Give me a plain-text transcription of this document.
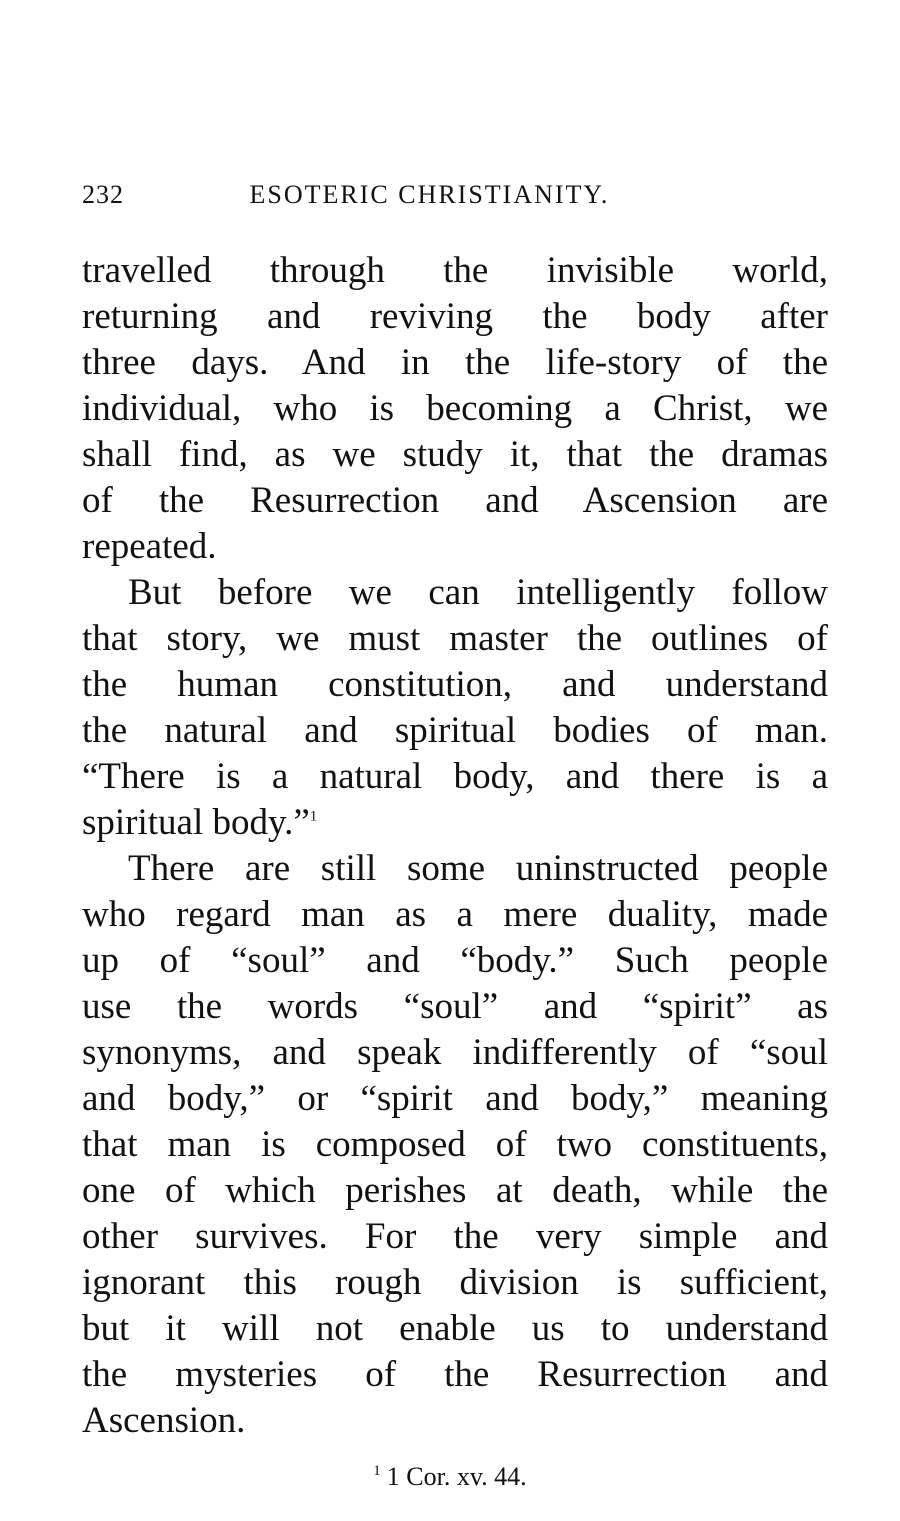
232	ESOTERIC CHRISTIANITY.
travelled through the invisible world,
returning and reviving the body after
three days. And in the life-story of the
individual, who is becoming a Christ, we
shall find, as we study it, that the dramas
of the Resurrection and Ascension are
repeated.
But before we can intelligently follow
that story, we must master the outlines of
the human constitution, and understand
the natural and spiritual bodies of man.
“There is a natural body, and there is a
spiritual body.”$^1$
There are still some uninstructed people
who regard man as a mere duality, made
up of “soul” and “body.” Such people
use the words “soul” and “spirit” as
synonyms, and speak indifferently of “soul
and body,” or “spirit and body,” meaning
that man is composed of two constituents,
one of which perishes at death, while the
other survives. For the very simple and
ignorant this rough division is sufficient,
but it will not enable us to understand
the mysteries of the Resurrection and
Ascension.
$^1$ 1 Cor. xv. 44.
